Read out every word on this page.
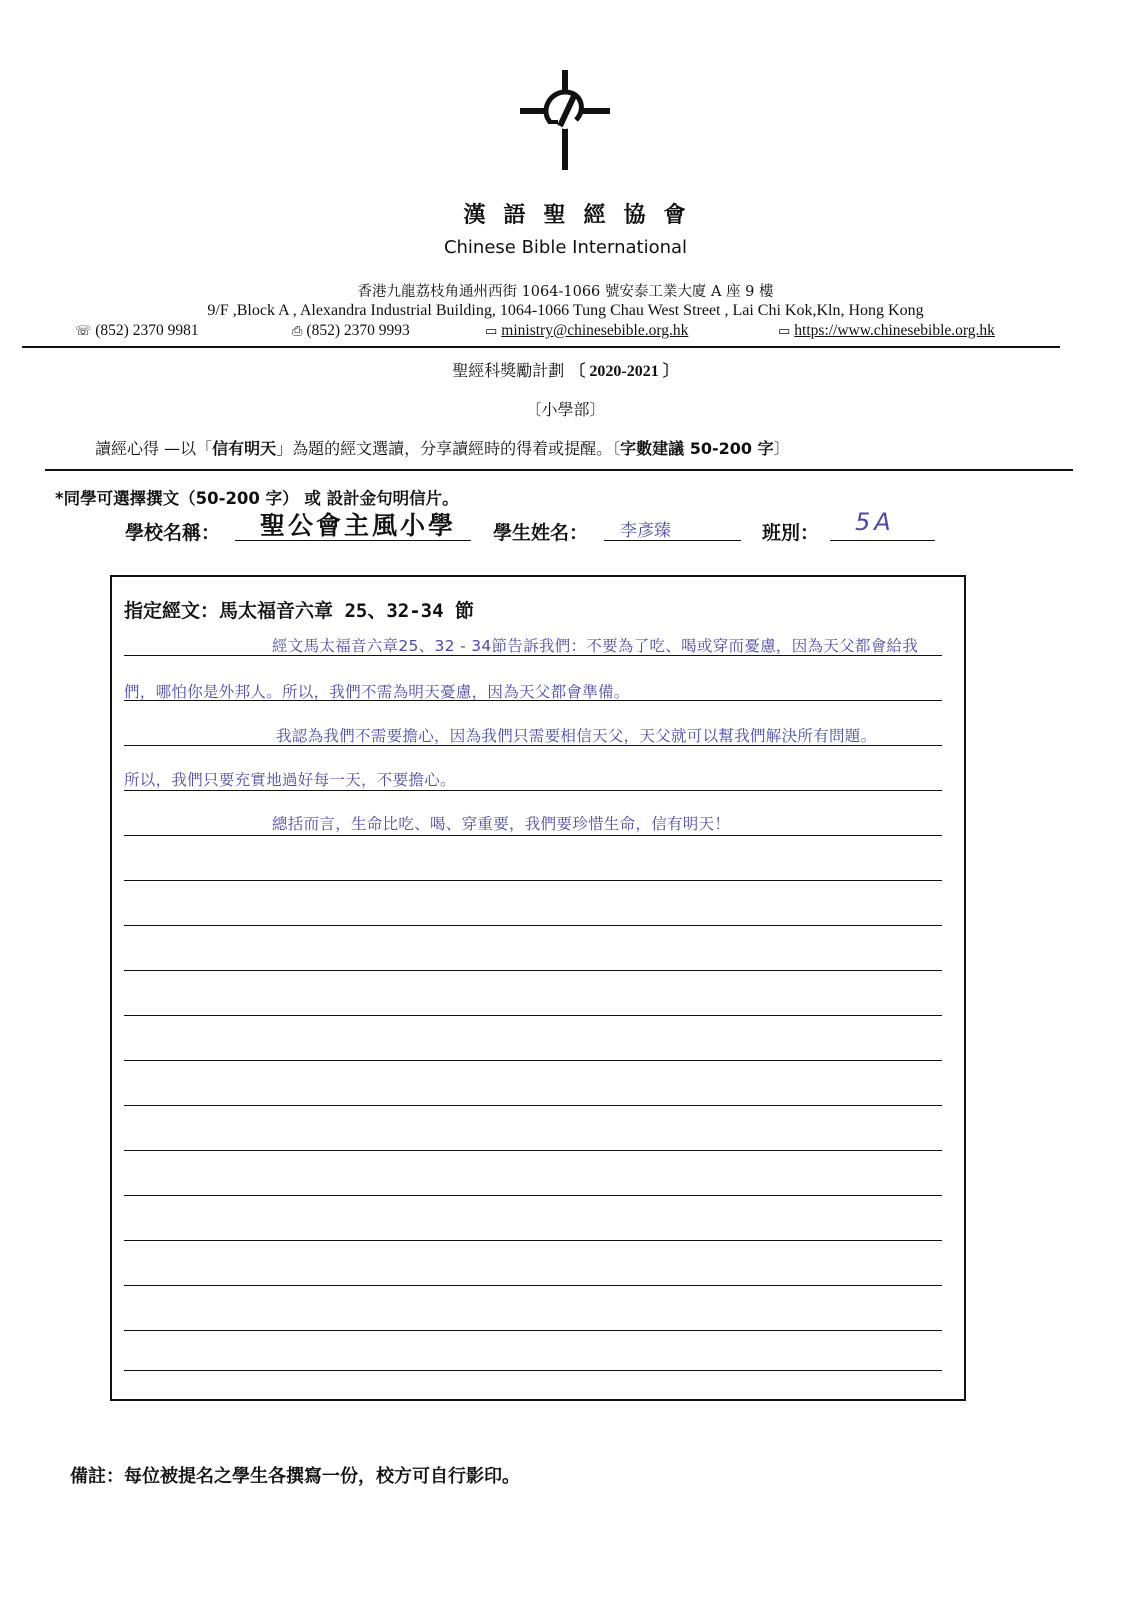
漢語聖經協會
Chinese Bible International
香港九龍荔枝角通州西街 1064-1066 號安泰工業大廈 A 座 9 樓
9/F ,Block A , Alexandra Industrial Building, 1064-1066 Tung Chau West Street , Lai Chi Kok,Kln, Hong Kong
☏ (852) 2370 9981	⎙ (852) 2370 9993	▭ ministry@chinesebible.org.hk	▭ https://www.chinesebible.org.hk
聖經科獎勵計劃 〔 2020-2021 〕
〔小學部〕
讀經心得 —以「信有明天」為題的經文選讀，分享讀經時的得着或提醒。〔字數建議 50-200 字〕
*同學可選擇撰文（50-200 字） 或 設計金句明信片。
學校名稱： 聖公會主風小學 學生姓名： 李彥臻	班別： 5A
指定經文：馬太福音六章 25、32-34 節
經文馬太福音六章25、32 - 34節告訴我們：不要為了吃、喝或穿而憂慮，因為天父都會給我
們，哪怕你是外邦人。所以，我們不需為明天憂慮，因為天父都會準備。
我認為我們不需要擔心，因為我們只需要相信天父，天父就可以幫我們解決所有問題。
所以，我們只要充實地過好每一天，不要擔心。
總括而言，生命比吃、喝、穿重要，我們要珍惜生命，信有明天！
備註：每位被提名之學生各撰寫一份，校方可自行影印。
